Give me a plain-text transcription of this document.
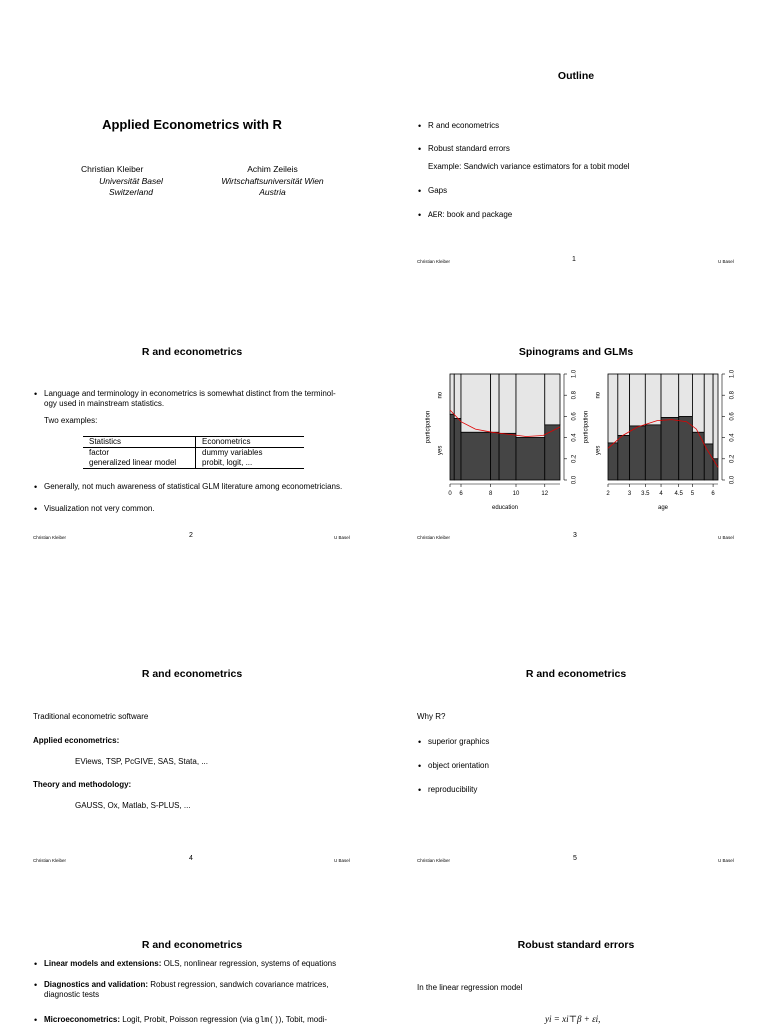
Applied Econometrics with R
Christian Kleiber
Universität Basel
Switzerland
Achim Zeileis
Wirtschaftsuniversität Wien
Austria
Outline
• R and econometrics
• Robust standard errors
Example: Sandwich variance estimators for a tobit model
• Gaps
• AER: book and package
Christian Kleiber	1	U Basel
R and econometrics
• Language and terminology in econometrics is somewhat distinct from the terminol-
ogy used in mainstream statistics.
Two examples:
Statistics	Econometrics
factor	dummy variables
generalized linear model	probit, logit, ...
• Generally, not much awareness of statistical GLM literature among econometricians.
• Visualization not very common.
Christian Kleiber	2	U Basel
Spinograms and GLMs
0 6	8	10	12
education
0.0
0.2
0.4
0.6
0.8
1.0
no
yes
participation
2	3 3.5 4 4.5 5	6
age
0.0
0.2
0.4
0.6
0.8
1.0
no
yes
participation
Christian Kleiber	3	U Basel
R and econometrics
Traditional econometric software
Applied econometrics:
EViews, TSP, PcGIVE, SAS, Stata, ...
Theory and methodology:
GAUSS, Ox, Matlab, S-PLUS, ...
Christian Kleiber	4	U Basel
R and econometrics
Why R?
• superior graphics
• object orientation
• reproducibility
Christian Kleiber	5	U Basel
R and econometrics
• Linear models and extensions: OLS, nonlinear regression, systems of equations
• Diagnostics and validation: Robust regression, sandwich covariance matrices,
diagnostic tests
• Microeconometrics: Logit, Probit, Poisson regression (via glm()), Tobit, modi-
Robust standard errors
In the linear regression model
yi = xi⊤β + εi,
